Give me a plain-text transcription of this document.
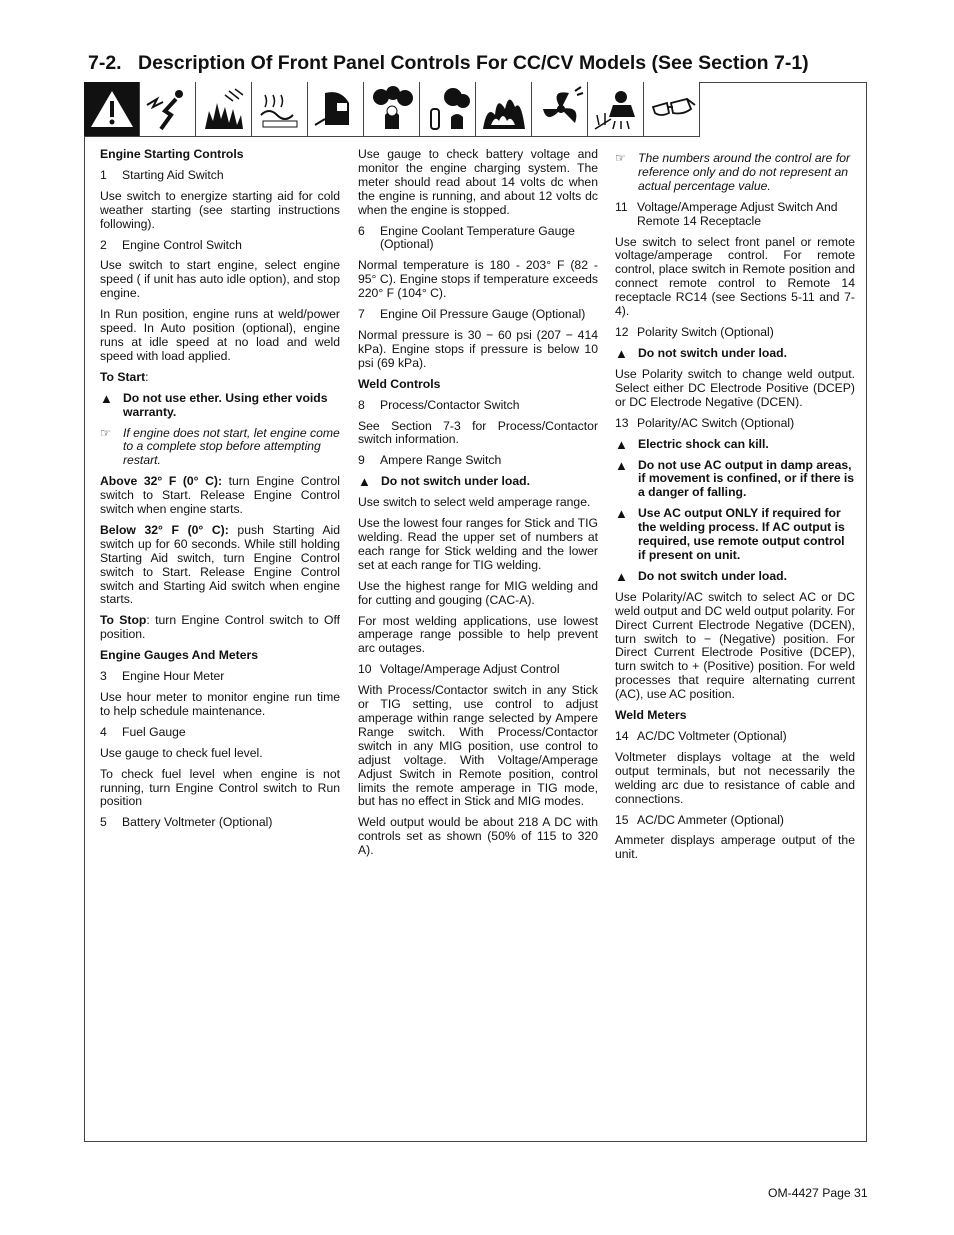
7-2. Description Of Front Panel Controls For CC/CV Models (See Section 7-1)
Engine Starting Controls
1	Starting Aid Switch

Use switch to energize starting aid for cold weather starting (see starting instructions following).

2	Engine Control Switch

Use switch to start engine, select engine speed ( if unit has auto idle option), and stop engine.

In Run position, engine runs at weld/power speed. In Auto position (optional), engine runs at idle speed at no load and weld speed with load applied.

To Start:

▲ Do not use ether. Using ether voids warranty.
☞ If engine does not start, let engine come to a complete stop before attempting restart.

Above 32° F (0° C): turn Engine Control switch to Start. Release Engine Control switch when engine starts.

Below 32° F (0° C): push Starting Aid switch up for 60 seconds. While still holding Starting Aid switch, turn Engine Control switch to Start. Release Engine Control switch and Starting Aid switch when engine starts.

To Stop: turn Engine Control switch to Off position.

Engine Gauges And Meters
3	Engine Hour Meter

Use hour meter to monitor engine run time to help schedule maintenance.

4	Fuel Gauge

Use gauge to check fuel level.

To check fuel level when engine is not running, turn Engine Control switch to Run position

5	Battery Voltmeter (Optional)

Use gauge to check battery voltage and monitor the engine charging system. The meter should read about 14 volts dc when the engine is running, and about 12 volts dc when the engine is stopped.

6	Engine Coolant Temperature Gauge (Optional)

Normal temperature is 180 - 203° F (82 - 95° C). Engine stops if temperature exceeds 220° F (104° C).

7	Engine Oil Pressure Gauge (Optional)

Normal pressure is 30 − 60 psi (207 − 414 kPa). Engine stops if pressure is below 10 psi (69 kPa).

Weld Controls
8	Process/Contactor Switch

See Section 7-3 for Process/Contactor switch information.

9	Ampere Range Switch
▲ Do not switch under load.

Use switch to select weld amperage range.

Use the lowest four ranges for Stick and TIG welding. Read the upper set of numbers at each range for Stick welding and the lower set at each range for TIG welding.

Use the highest range for MIG welding and for cutting and gouging (CAC-A).

For most welding applications, use lowest amperage range possible to help prevent arc outages.

10 Voltage/Amperage Adjust Control

With Process/Contactor switch in any Stick or TIG setting, use control to adjust amperage within range selected by Ampere Range switch. With Process/Contactor switch in any MIG position, use control to adjust voltage. With Voltage/Amperage Adjust Switch in Remote position, control limits the remote amperage in TIG mode, but has no effect in Stick and MIG modes.

Weld output would be about 218 A DC with controls set as shown (50% of 115 to 320 A).

☞ The numbers around the control are for reference only and do not represent an actual percentage value.
11 Voltage/Amperage Adjust Switch And Remote 14 Receptacle

Use switch to select front panel or remote voltage/amperage control. For remote control, place switch in Remote position and connect remote control to Remote 14 receptacle RC14 (see Sections 5-11 and 7-4).

12 Polarity Switch (Optional)
▲ Do not switch under load.

Use Polarity switch to change weld output. Select either DC Electrode Positive (DCEP) or DC Electrode Negative (DCEN).

13 Polarity/AC Switch (Optional)
▲ Electric shock can kill.
▲ Do not use AC output in damp areas, if movement is confined, or if there is a danger of falling.
▲ Use AC output ONLY if required for the welding process. If AC output is required, use remote output control if present on unit.
▲ Do not switch under load.

Use Polarity/AC switch to select AC or DC weld output and DC weld output polarity. For Direct Current Electrode Negative (DCEN), turn switch to − (Negative) position. For Direct Current Electrode Positive (DCEP), turn switch to + (Positive) position. For weld processes that require alternating current (AC), use AC position.

Weld Meters
14 AC/DC Voltmeter (Optional)

Voltmeter displays voltage at the weld output terminals, but not necessarily the welding arc due to resistance of cable and connections.

15 AC/DC Ammeter (Optional)

Ammeter displays amperage output of the unit.

OM-4427 Page 31
